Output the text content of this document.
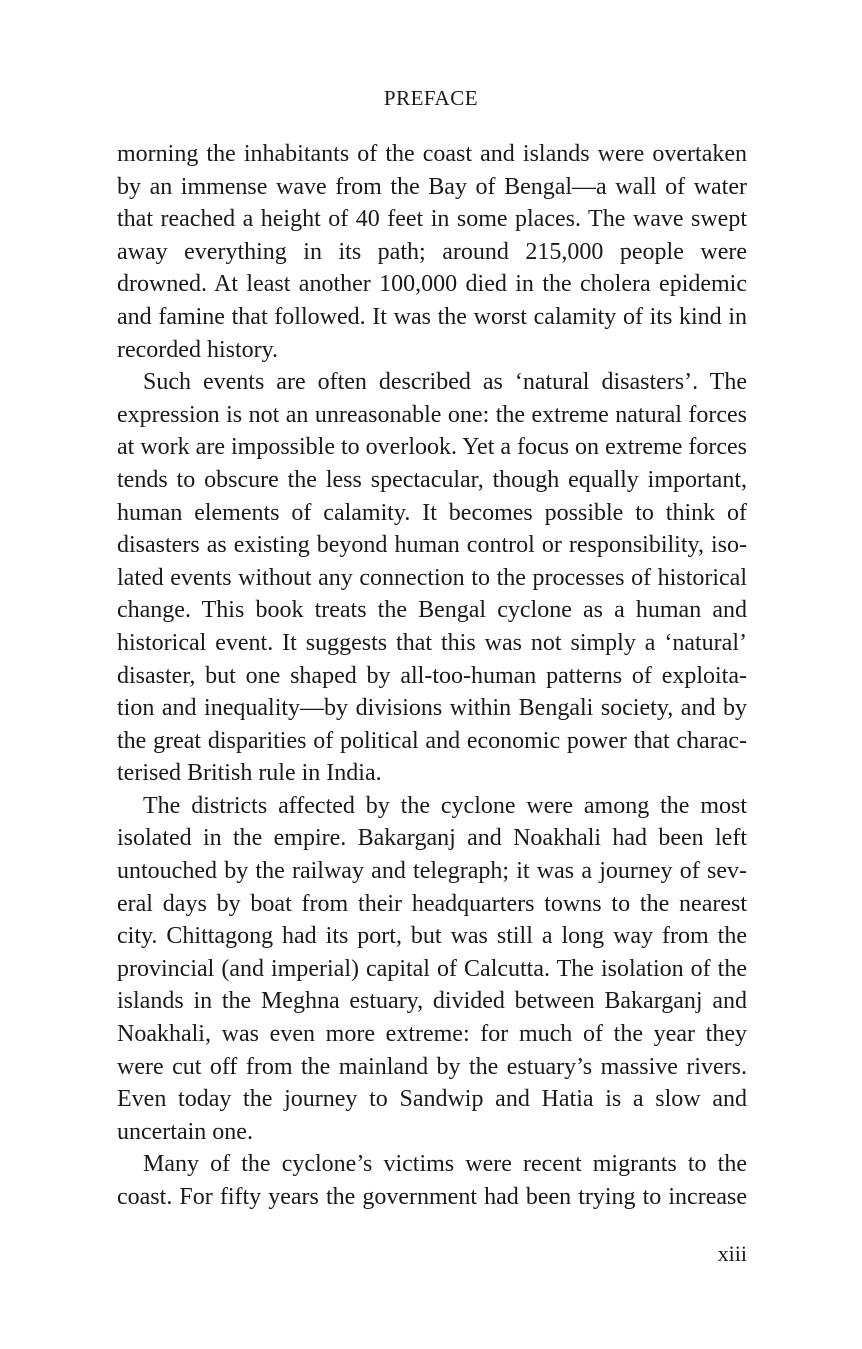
PREFACE
morning the inhabitants of the coast and islands were overtaken
by an immense wave from the Bay of Bengal—a wall of water
that reached a height of 40 feet in some places. The wave swept
away everything in its path; around 215,000 people were
drowned. At least another 100,000 died in the cholera epidemic
and famine that followed. It was the worst calamity of its kind in
recorded history.
Such events are often described as ‘natural disasters’. The
expression is not an unreasonable one: the extreme natural forces
at work are impossible to overlook. Yet a focus on extreme forces
tends to obscure the less spectacular, though equally important,
human elements of calamity. It becomes possible to think of
disasters as existing beyond human control or responsibility, iso-
lated events without any connection to the processes of historical
change. This book treats the Bengal cyclone as a human and
historical event. It suggests that this was not simply a ‘natural’
disaster, but one shaped by all-too-human patterns of exploita-
tion and inequality—by divisions within Bengali society, and by
the great disparities of political and economic power that charac-
terised British rule in India.
The districts affected by the cyclone were among the most
isolated in the empire. Bakarganj and Noakhali had been left
untouched by the railway and telegraph; it was a journey of sev-
eral days by boat from their headquarters towns to the nearest
city. Chittagong had its port, but was still a long way from the
provincial (and imperial) capital of Calcutta. The isolation of the
islands in the Meghna estuary, divided between Bakarganj and
Noakhali, was even more extreme: for much of the year they
were cut off from the mainland by the estuary’s massive rivers.
Even today the journey to Sandwip and Hatia is a slow and
uncertain one.
Many of the cyclone’s victims were recent migrants to the
coast. For fifty years the government had been trying to increase
xiii
